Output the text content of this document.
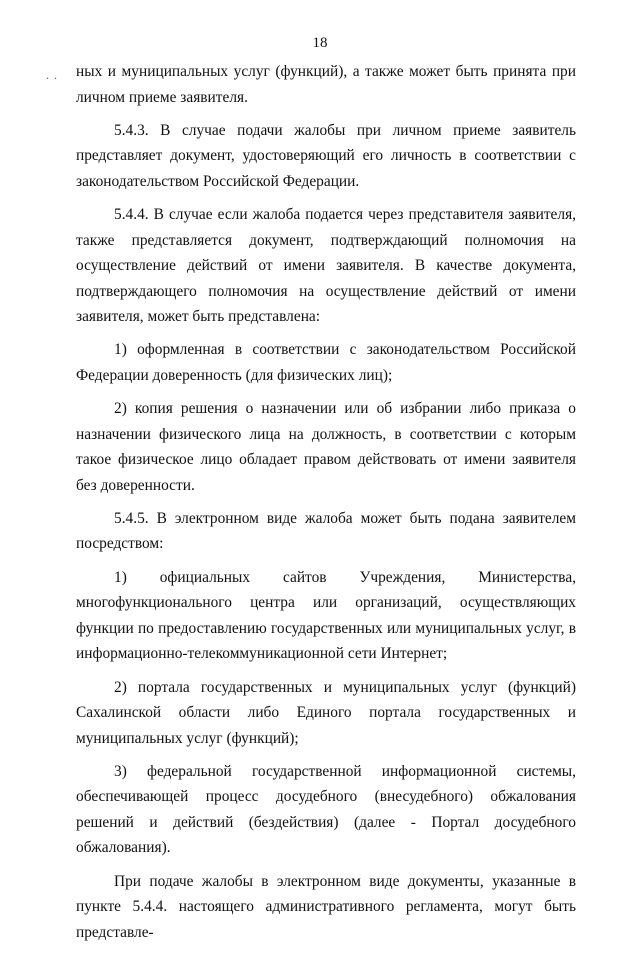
18
. . ных и муниципальных услуг (функций), а также может быть принята при личном приеме заявителя.

5.4.3. В случае подачи жалобы при личном приеме заявитель представляет документ, удостоверяющий его личность в соответствии с законодательством Российской Федерации.

5.4.4. В случае если жалоба подается через представителя заявителя, также представляется документ, подтверждающий полномочия на осуществление действий от имени заявителя. В качестве документа, подтверждающего полномочия на осуществление действий от имени заявителя, может быть представлена:

1) оформленная в соответствии с законодательством Российской Федерации доверенность (для физических лиц);

2) копия решения о назначении или об избрании либо приказа о назначении физического лица на должность, в соответствии с которым такое физическое лицо обладает правом действовать от имени заявителя без доверенности.

5.4.5. В электронном виде жалоба может быть подана заявителем посредством:

1) официальных сайтов Учреждения, Министерства, многофункционального центра или организаций, осуществляющих функции по предоставлению государственных или муниципальных услуг, в информационно-телекоммуникационной сети Интернет;

2) портала государственных и муниципальных услуг (функций) Сахалинской области либо Единого портала государственных и муниципальных услуг (функций);

3) федеральной государственной информационной системы, обеспечивающей процесс досудебного (внесудебного) обжалования решений и действий (бездействия) (далее - Портал досудебного обжалования).

При подаче жалобы в электронном виде документы, указанные в пункте 5.4.4. настоящего административного регламента, могут быть представле-
